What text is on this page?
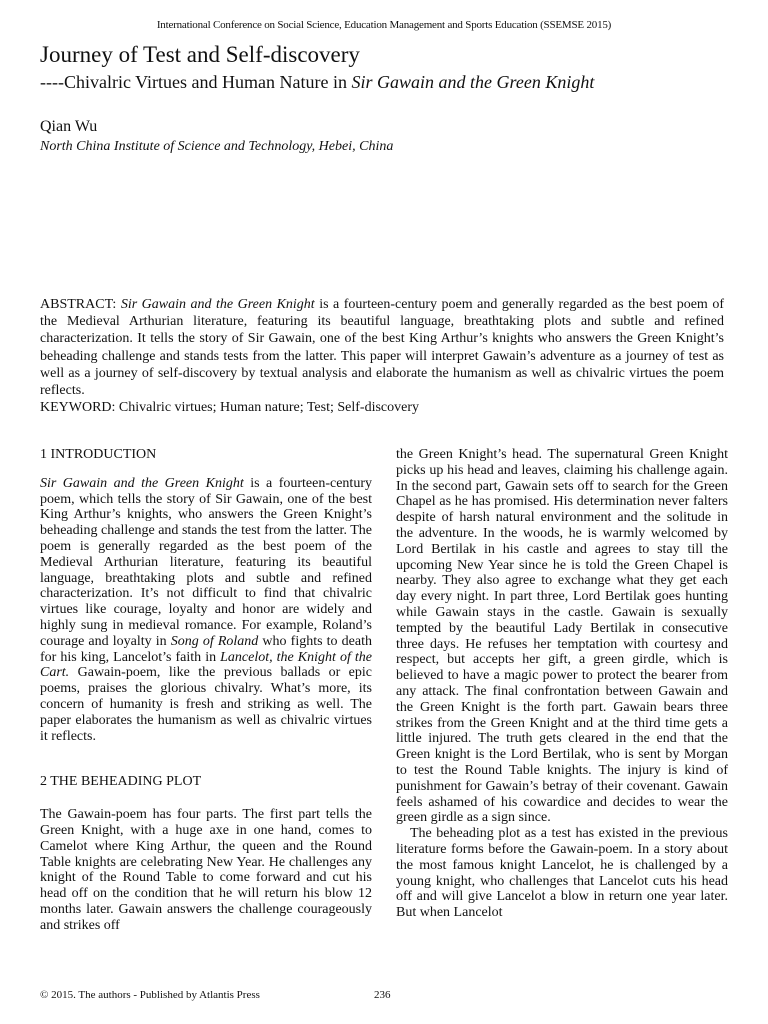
International Conference on Social Science, Education Management and Sports Education (SSEMSE 2015)
Journey of Test and Self-discovery
----Chivalric Virtues and Human Nature in Sir Gawain and the Green Knight
Qian Wu
North China Institute of Science and Technology, Hebei, China
ABSTRACT: Sir Gawain and the Green Knight is a fourteen-century poem and generally regarded as the best poem of the Medieval Arthurian literature, featuring its beautiful language, breathtaking plots and subtle and refined characterization. It tells the story of Sir Gawain, one of the best King Arthur’s knights who answers the Green Knight’s beheading challenge and stands tests from the latter. This paper will interpret Gawain’s adventure as a journey of test as well as a journey of self-discovery by textual analysis and elaborate the humanism as well as chivalric virtues the poem reflects.
KEYWORD: Chivalric virtues; Human nature; Test; Self-discovery

1 INTRODUCTION

Sir Gawain and the Green Knight is a fourteen-century poem, which tells the story of Sir Gawain, one of the best King Arthur’s knights, who answers the Green Knight’s beheading challenge and stands the test from the latter. The poem is generally regarded as the best poem of the Medieval Arthurian literature, featuring its beautiful language, breathtaking plots and subtle and refined characterization. It’s not difficult to find that chivalric virtues like courage, loyalty and honor are widely and highly sung in medieval romance. For example, Roland’s courage and loyalty in Song of Roland who fights to death for his king, Lancelot’s faith in Lancelot, the Knight of the Cart. Gawain-poem, like the previous ballads or epic poems, praises the glorious chivalry. What’s more, its concern of humanity is fresh and striking as well. The paper elaborates the humanism as well as chivalric virtues it reflects.

2 THE BEHEADING PLOT

The Gawain-poem has four parts. The first part tells the Green Knight, with a huge axe in one hand, comes to Camelot where King Arthur, the queen and the Round Table knights are celebrating New Year. He challenges any knight of the Round Table to come forward and cut his head off on the condition that he will return his blow 12 months later. Gawain answers the challenge courageously and strikes off

the Green Knight’s head. The supernatural Green Knight picks up his head and leaves, claiming his challenge again. In the second part, Gawain sets off to search for the Green Chapel as he has promised. His determination never falters despite of harsh natural environment and the solitude in the adventure. In the woods, he is warmly welcomed by Lord Bertilak in his castle and agrees to stay till the upcoming New Year since he is told the Green Chapel is nearby. They also agree to exchange what they get each day every night. In part three, Lord Bertilak goes hunting while Gawain stays in the castle. Gawain is sexually tempted by the beautiful Lady Bertilak in consecutive three days. He refuses her temptation with courtesy and respect, but accepts her gift, a green girdle, which is believed to have a magic power to protect the bearer from any attack. The final confrontation between Gawain and the Green Knight is the forth part. Gawain bears three strikes from the Green Knight and at the third time gets a little injured. The truth gets cleared in the end that the Green knight is the Lord Bertilak, who is sent by Morgan to test the Round Table knights. The injury is kind of punishment for Gawain’s betray of their covenant. Gawain feels ashamed of his cowardice and decides to wear the green girdle as a sign since.

The beheading plot as a test has existed in the previous literature forms before the Gawain-poem. In a story about the most famous knight Lancelot, he is challenged by a young knight, who challenges that Lancelot cuts his head off and will give Lancelot a blow in return one year later. But when Lancelot

© 2015. The authors - Published by Atlantis Press	236
